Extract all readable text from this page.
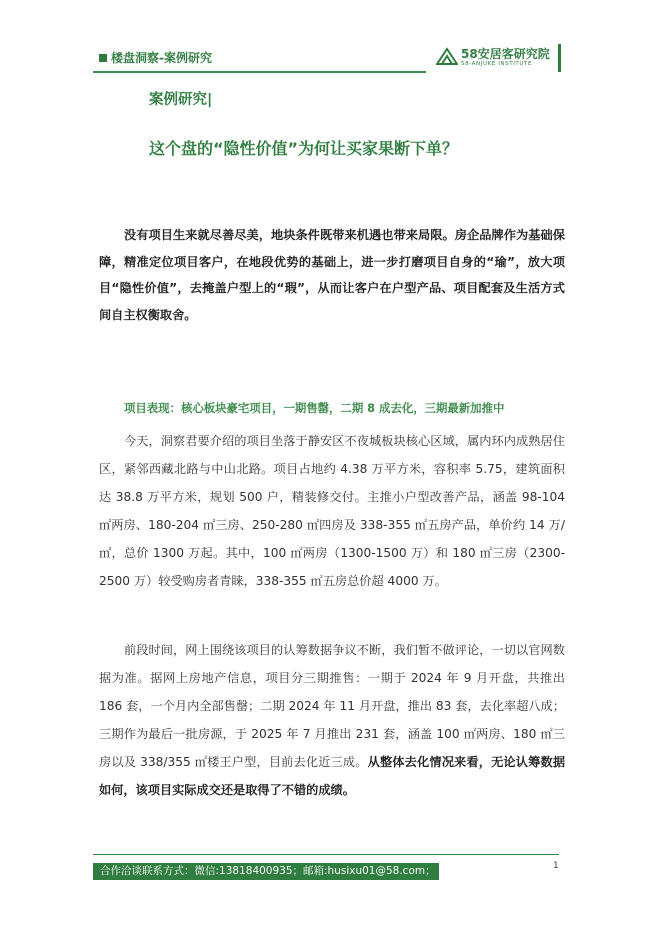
楼盘洞察-案例研究	58安居客研究院
58-ANJUKE INSTITUTE
案例研究|
这个盘的“隐性价值”为何让买家果断下单？

没有项目生来就尽善尽美，地块条件既带来机遇也带来局限。房企品牌作为基础保障，精准定位项目客户，在地段优势的基础上，进一步打磨项目自身的“瑜”，放大项目“隐性价值”，去掩盖户型上的“瑕”，从而让客户在户型产品、项目配套及生活方式间自主权衡取舍。

项目表现：核心板块豪宅项目，一期售罄，二期 8 成去化，三期最新加推中

今天，洞察君要介绍的项目坐落于静安区不夜城板块核心区域，属内环内成熟居住区，紧邻西藏北路与中山北路。项目占地约 4.38 万平方米，容积率 5.75，建筑面积达 38.8 万平方米，规划 500 户，精装修交付。主推小户型改善产品，涵盖 98-104 ㎡两房、180-204 ㎡三房、250-280 ㎡四房及 338-355 ㎡五房产品，单价约 14 万/㎡，总价 1300 万起。其中，100 ㎡两房（1300-1500 万）和 180 ㎡三房（2300-2500 万）较受购房者青睐，338-355 ㎡五房总价超 4000 万。

前段时间，网上围绕该项目的认筹数据争议不断，我们暂不做评论，一切以官网数据为准。据网上房地产信息，项目分三期推售：一期于 2024 年 9 月开盘，共推出 186 套，一个月内全部售罄；二期 2024 年 11 月开盘，推出 83 套，去化率超八成；三期作为最后一批房源，于 2025 年 7 月推出 231 套，涵盖 100 ㎡两房、180 ㎡三房以及 338/355 ㎡楼王户型，目前去化近三成。从整体去化情况来看，无论认筹数据如何，该项目实际成交还是取得了不错的成绩。

合作洽谈联系方式：微信:13818400935；邮箱:husixu01@58.com；	1
